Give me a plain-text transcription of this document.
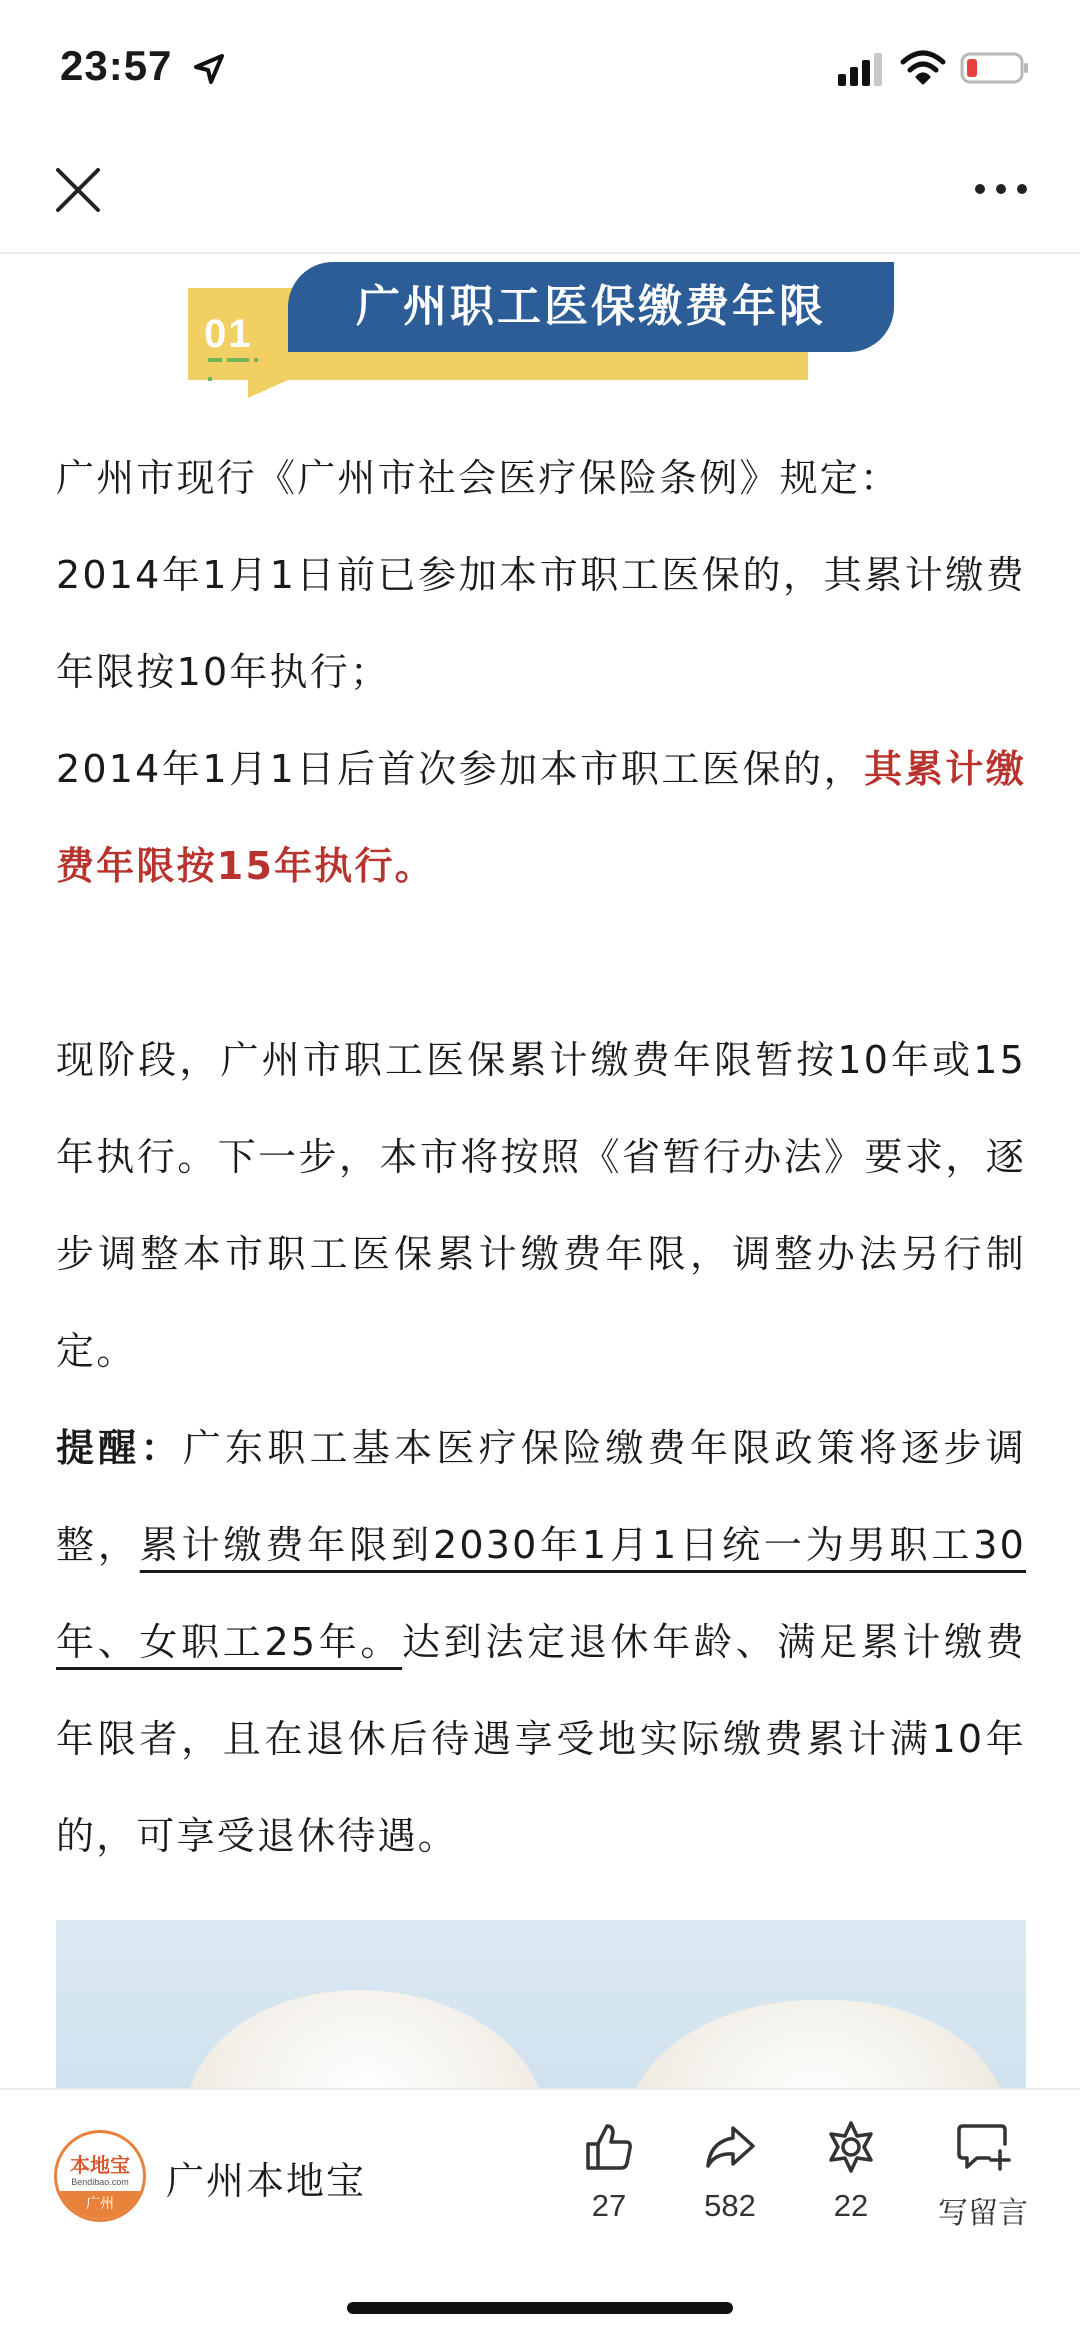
23:57
01
广州职工医保缴费年限

广州市现行《广州市社会医疗保险条例》规定：

2014年1月1日前已参加本市职工医保的，其累计缴费年限按10年执行；

2014年1月1日后首次参加本市职工医保的，其累计缴费年限按15年执行。

现阶段，广州市职工医保累计缴费年限暂按10年或15年执行。下一步，本市将按照《省暂行办法》要求，逐步调整本市职工医保累计缴费年限，调整办法另行制定。

提醒：广东职工基本医疗保险缴费年限政策将逐步调整，累计缴费年限到2030年1月1日统一为男职工30年、女职工25年。达到法定退休年龄、满足累计缴费年限者，且在退休后待遇享受地实际缴费累计满10年的，可享受退休待遇。

本地宝
Bendibao.com
广州
广州本地宝
27	582	22	写留言
